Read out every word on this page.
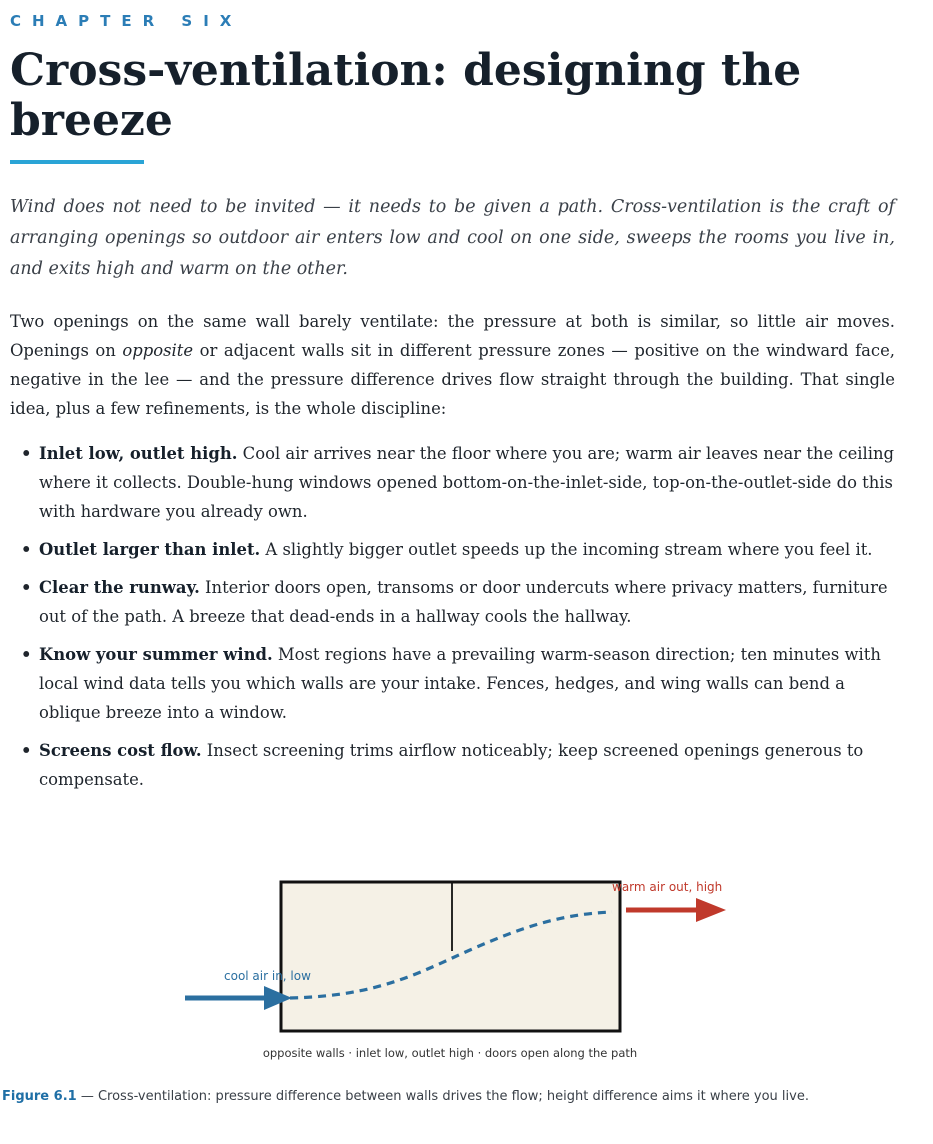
CHAPTER SIX
Cross-ventilation: designing the breeze

Wind does not need to be invited — it needs to be given a path. Cross-ventilation is the craft of arranging openings so outdoor air enters low and cool on one side, sweeps the rooms you live in, and exits high and warm on the other.

Two openings on the same wall barely ventilate: the pressure at both is similar, so little air moves. Openings on opposite or adjacent walls sit in different pressure zones — positive on the windward face, negative in the lee — and the pressure difference drives flow straight through the building. That single idea, plus a few refinements, is the whole discipline:

• Inlet low, outlet high. Cool air arrives near the floor where you are; warm air leaves near the ceiling where it collects. Double-hung windows opened bottom-on-the-inlet-side, top-on-the-outlet-side do this with hardware you already own.
• Outlet larger than inlet. A slightly bigger outlet speeds up the incoming stream where you feel it.
• Clear the runway. Interior doors open, transoms or door undercuts where privacy matters, furniture out of the path. A breeze that dead-ends in a hallway cools the hallway.
• Know your summer wind. Most regions have a prevailing warm-season direction; ten minutes with local wind data tells you which walls are your intake. Fences, hedges, and wing walls can bend a oblique breeze into a window.
• Screens cost flow. Insect screening trims airflow noticeably; keep screened openings generous to compensate.
cool air in, low
warm air out, high
opposite walls · inlet low, outlet high · doors open along the path
Figure 6.1 — Cross-ventilation: pressure difference between walls drives the flow; height difference aims it where you live.
